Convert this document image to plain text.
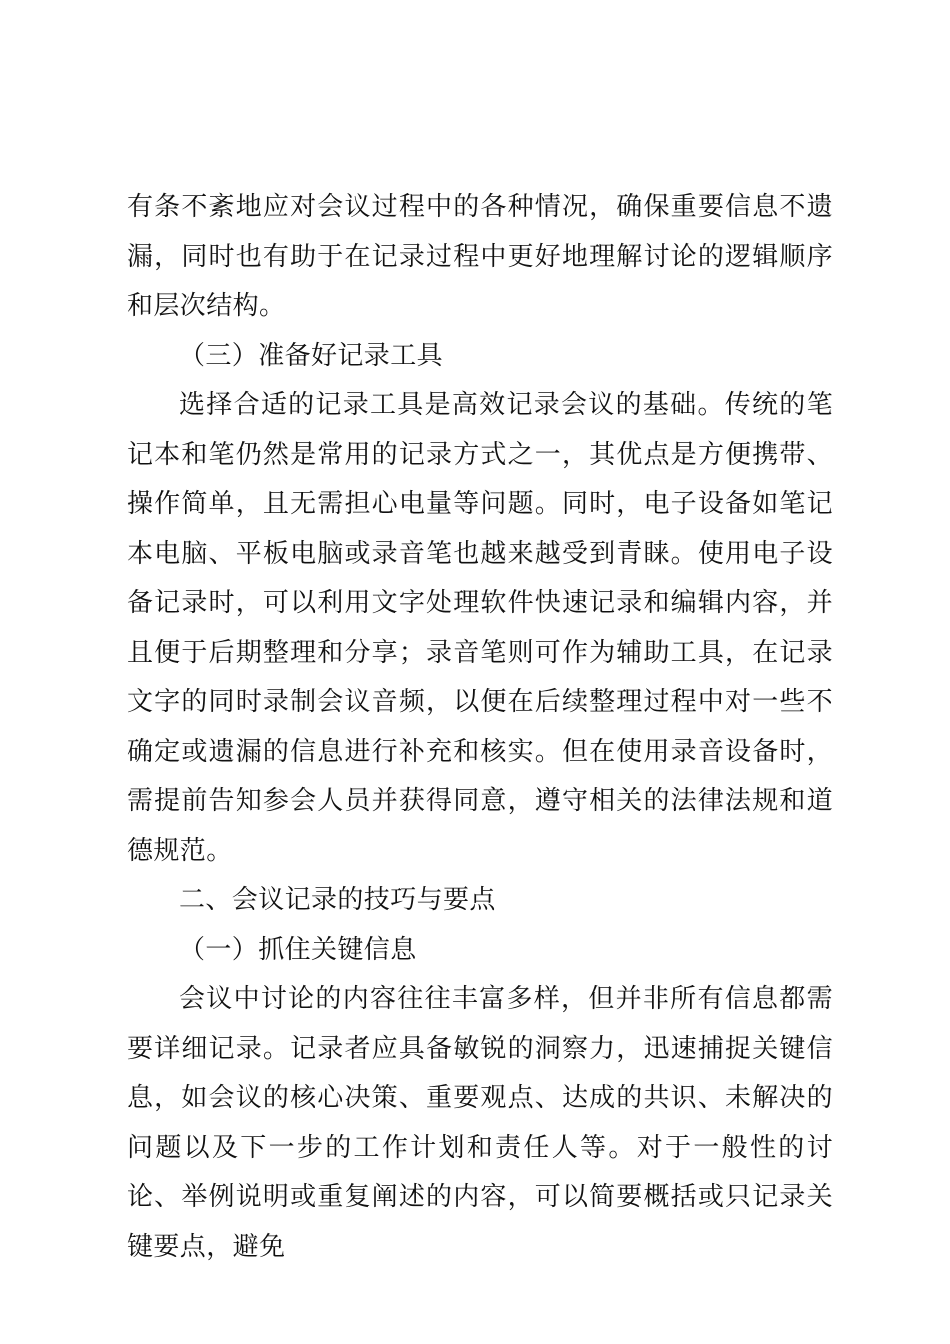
有条不紊地应对会议过程中的各种情况，确保重要信息不遗漏，同时也有助于在记录过程中更好地理解讨论的逻辑顺序和层次结构。

（三）准备好记录工具

选择合适的记录工具是高效记录会议的基础。传统的笔记本和笔仍然是常用的记录方式之一，其优点是方便携带、操作简单，且无需担心电量等问题。同时，电子设备如笔记本电脑、平板电脑或录音笔也越来越受到青睐。使用电子设备记录时，可以利用文字处理软件快速记录和编辑内容，并且便于后期整理和分享；录音笔则可作为辅助工具，在记录文字的同时录制会议音频，以便在后续整理过程中对一些不确定或遗漏的信息进行补充和核实。但在使用录音设备时，需提前告知参会人员并获得同意，遵守相关的法律法规和道德规范。

二、会议记录的技巧与要点

（一）抓住关键信息

会议中讨论的内容往往丰富多样，但并非所有信息都需要详细记录。记录者应具备敏锐的洞察力，迅速捕捉关键信息，如会议的核心决策、重要观点、达成的共识、未解决的问题以及下一步的工作计划和责任人等。对于一般性的讨论、举例说明或重复阐述的内容，可以简要概括或只记录关键要点，避免
